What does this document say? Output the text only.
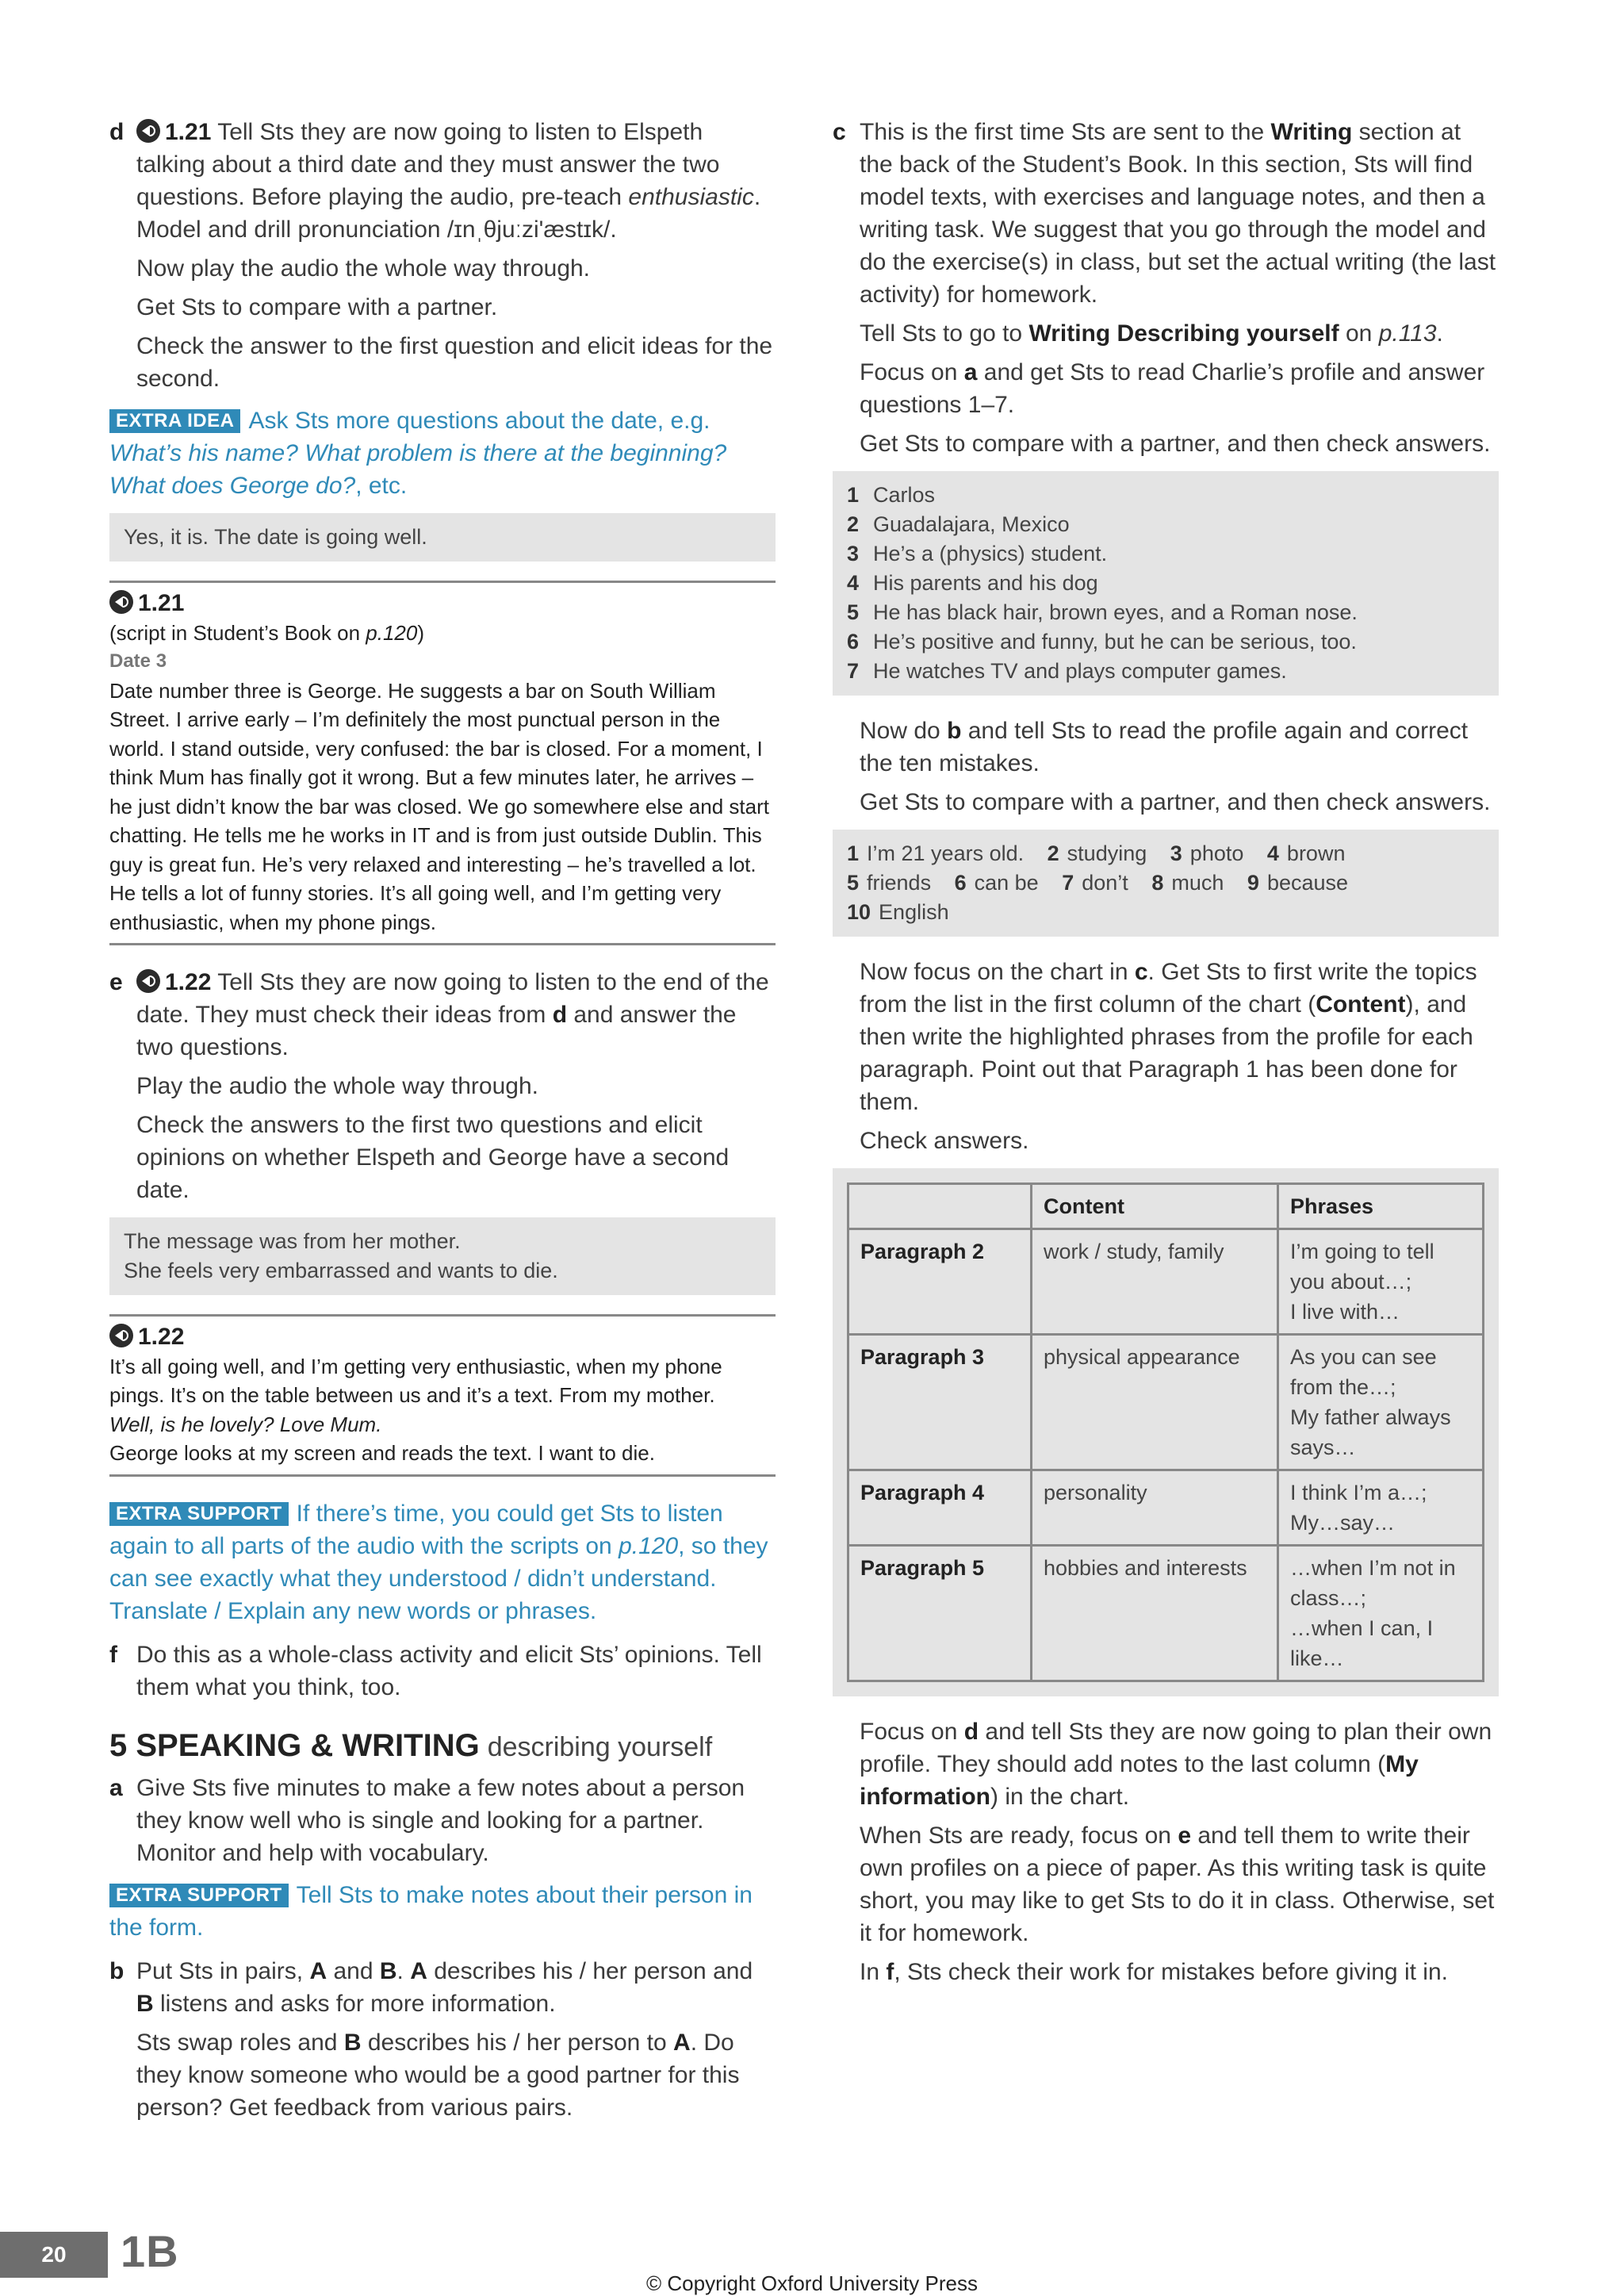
d 1.21 Tell Sts they are now going to listen to Elspeth talking about a third date and they must answer the two questions. Before playing the audio, pre-teach enthusiastic. Model and drill pronunciation /ɪnˌθjuːzi'æstɪk/.

Now play the audio the whole way through.

Get Sts to compare with a partner.

Check the answer to the first question and elicit ideas for the second.

EXTRA IDEA Ask Sts more questions about the date, e.g. What’s his name? What problem is there at the beginning? What does George do?, etc.
Yes, it is. The date is going well.
1.21
(script in Student’s Book on p.120)
Date 3
Date number three is George. He suggests a bar on South William Street. I arrive early – I’m definitely the most punctual person in the world. I stand outside, very confused: the bar is closed. For a moment, I think Mum has finally got it wrong. But a few minutes later, he arrives – he just didn’t know the bar was closed. We go somewhere else and start chatting. He tells me he works in IT and is from just outside Dublin. This guy is great fun. He’s very relaxed and interesting – he’s travelled a lot. He tells a lot of funny stories. It’s all going well, and I’m getting very enthusiastic, when my phone pings.
e 1.22 Tell Sts they are now going to listen to the end of the date. They must check their ideas from d and answer the two questions.

Play the audio the whole way through.

Check the answers to the first two questions and elicit opinions on whether Elspeth and George have a second date.

The message was from her mother.
She feels very embarrassed and wants to die.
1.22
It’s all going well, and I’m getting very enthusiastic, when my phone pings. It’s on the table between us and it’s a text. From my mother.
Well, is he lovely? Love Mum.
George looks at my screen and reads the text. I want to die.
EXTRA SUPPORT If there’s time, you could get Sts to listen again to all parts of the audio with the scripts on p.120, so they can see exactly what they understood / didn’t understand. Translate / Explain any new words or phrases.
f Do this as a whole-class activity and elicit Sts’ opinions. Tell them what you think, too.
5 SPEAKING & WRITING describing yourself
a Give Sts five minutes to make a few notes about a person they know well who is single and looking for a partner. Monitor and help with vocabulary.
EXTRA SUPPORT Tell Sts to make notes about their person in the form.
b Put Sts in pairs, A and B. A describes his / her person and B listens and asks for more information.

Sts swap roles and B describes his / her person to A. Do they know someone who would be a good partner for this person? Get feedback from various pairs.

c This is the first time Sts are sent to the Writing section at the back of the Student’s Book. In this section, Sts will find model texts, with exercises and language notes, and then a writing task. We suggest that you go through the model and do the exercise(s) in class, but set the actual writing (the last activity) for homework.

Tell Sts to go to Writing Describing yourself on p.113.

Focus on a and get Sts to read Charlie’s profile and answer questions 1–7.

Get Sts to compare with a partner, and then check answers.

1 Carlos
2 Guadalajara, Mexico
3 He’s a (physics) student.
4 His parents and his dog
5 He has black hair, brown eyes, and a Roman nose.
6 He’s positive and funny, but he can be serious, too.
7 He watches TV and plays computer games.

Now do b and tell Sts to read the profile again and correct the ten mistakes.

Get Sts to compare with a partner, and then check answers.

1 I’m 21 years old. 2 studying 3 photo 4 brown
5 friends 6 can be 7 don’t 8 much 9 because
10 English

Now focus on the chart in c. Get Sts to first write the topics from the list in the first column of the chart (Content), and then write the highlighted phrases from the profile for each paragraph. Point out that Paragraph 1 has been done for them.

Check answers.

	Content	Phrases
Paragraph 2	work / study, family	I’m going to tell you about…;
I live with…

Paragraph 3	physical appearance	As you can see from the…;
My father always says…

Paragraph 4	personality	I think I’m a…;
My…say…

Paragraph 5	hobbies and interests	…when I’m not in class…;
…when I can, I like…

Focus on d and tell Sts they are now going to plan their own profile. They should add notes to the last column (My information) in the chart.

When Sts are ready, focus on e and tell them to write their own profiles on a piece of paper. As this writing task is quite short, you may like to get Sts to do it in class. Otherwise, set it for homework.

In f, Sts check their work for mistakes before giving it in.

20	1B
© Copyright Oxford University Press
